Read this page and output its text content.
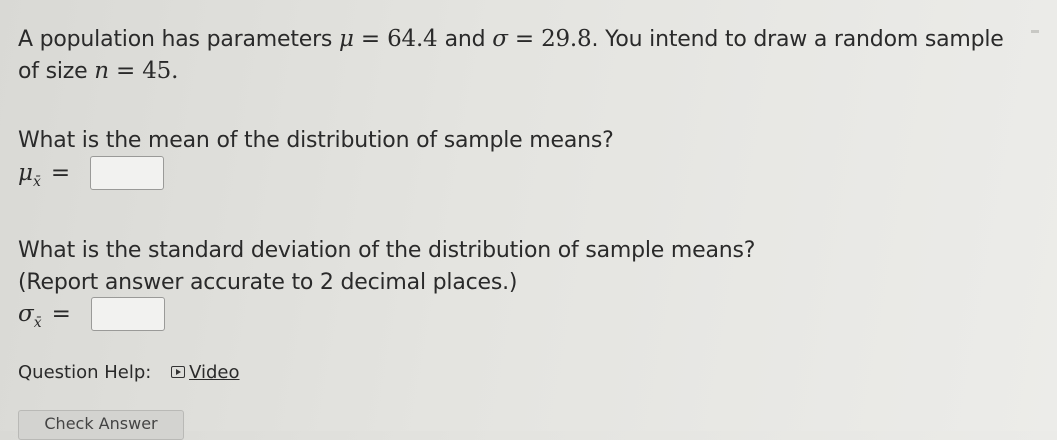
A population has parameters μ = 64.4 and σ = 29.8. You intend to draw a random sample
of size n = 45.
What is the mean of the distribution of sample means?
$\mu_{x̄}$ =
What is the standard deviation of the distribution of sample means?
(Report answer accurate to 2 decimal places.)
$\sigma_{x̄}$ =
Question Help: Video
Check Answer
